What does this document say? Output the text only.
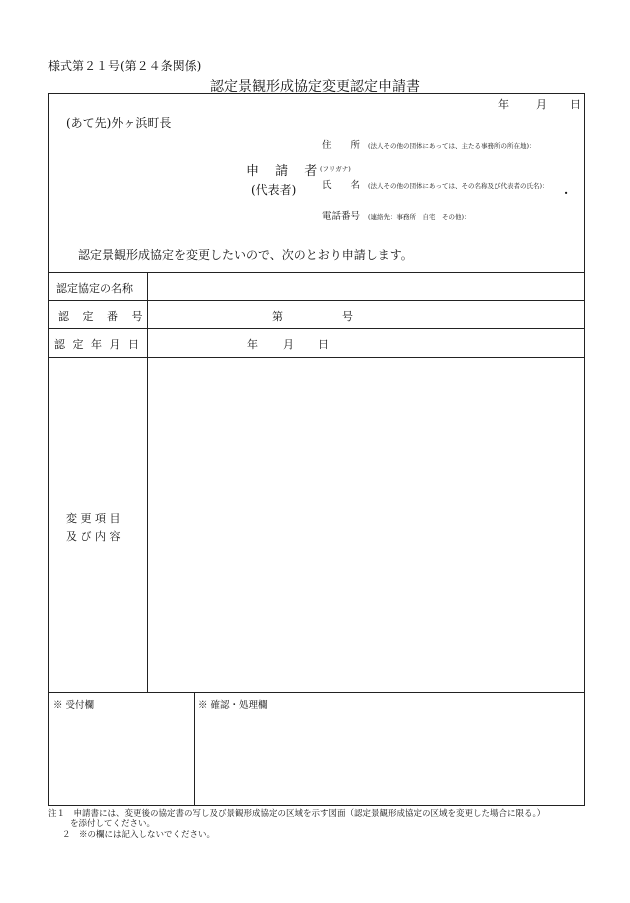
様式第２１号(第２４条関係)
認定景観形成協定変更認定申請書
年 月 日
(あて先)外ヶ浜町長
申 請 者
(代表者)
住　　所 (法人その他の団体にあっては、主たる事務所の所在地)：
(フリガナ)
氏　　名 (法人その他の団体にあっては、その名称及び代表者の氏名)： .
電話番号 (連絡先：事務所　自宅　その他)：
認定景観形成協定を変更したいので、次のとおり申請します。
認定協定の名称
認 定 番 号	第	号
認 定 年 月 日	年 月 日
変 更 項 目
及 び 内 容
※ 受付欄	※ 確認・処理欄
注１　申請書には、変更後の協定書の写し及び景観形成協定の区域を示す図面（認定景観形成協定の区域を変更した場合に限る。）
を添付してください。
２　※の欄には記入しないでください。
